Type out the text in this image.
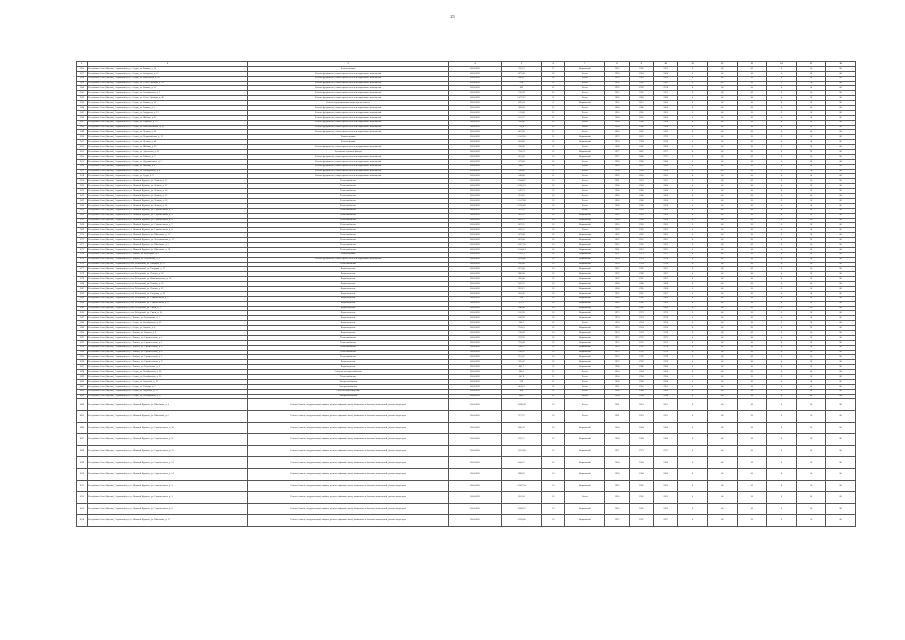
25
1	2	3	4	5	6	7	8	9	10	11	12	13	14	15	16
1536	Республика Саха (Якутия), Алданский р-н, г. Алдан, ул. Быкова, д. 14	Ремонт крыши	2024-2025	702,19	17	Кирпичный	1965	1965	1965	0	40	30	0	10	80
1537	Республика Саха (Якутия), Алданский р-н, г. Алдан, ул. Заводская, д. 15	Ремонт фундамента, инженерных систем и подвальных помещений	2024-2025	877,40	16	Бетон	1964	1964	1964	0	40	30	0	10	80
1538	Республика Саха (Якутия), Алданский р-н, г. Алдан, ул. Комсомола, д. 16	Ремонт фундамента, инженерных систем и подвальных помещений	2024-2025	586,07	14	Бетон	1965	1965	1965	0	40	30	0	10	80
1539	Республика Саха (Якутия), Алданский р-н, г. Алдан, ул. 10 лет Октября, д. 18	Ремонт фундамента, инженерных систем и подвальных помещений	2024-2025	554	12	Бетон	1962	1962	1962	0	40	30	0	10	80
1540	Республика Саха (Якутия), Алданский р-н, г. Алдан, ул. Быкова, д. 23	Ремонт фундамента, инженерных систем и подвальных помещений	2024-2025	462	12	Бетон	1970	1970	1970	0	40	30	0	10	80
1541	Республика Саха (Якутия), Алданский р-н, г. Алдан, ул. Октябрьская, д. 3	Ремонт фундамента, инженерных систем и подвальных помещений	2024-2025	736,20	13	Бетон	1955	1955	1955	0	40	30	0	10	80
1542	Республика Саха (Якутия), Алданский р-н, г. Алдан, ул. 10 лет Октября, д. 40	Ремонт фундамента, инженерных систем и подвальных помещений	2024-2025	1.472,25	12	Бетон	1966	1966	1966	0	40	30	0	10	80
1543	Республика Саха (Якутия), Алданский р-н, г. Алдан, ул. Быкова, д. 34	Ремонт внутридомовых инженерных систем	2024-2025	829,54	8	Кирпичный	1965	2011	1965	0	40	30	0	10	80
1544	Республика Саха (Якутия), Алданский р-н, г. Алдан, ул. Быкова, д. 2	Ремонт фундамента, инженерных систем и подвальных помещений	2024-2025	368,60	12	Бетон	1960	1960	1960	0	40	30	0	10	80
1545	Республика Саха (Якутия), Алданский р-н, г. Алдан, ул. Заводская, д. 13	Ремонт фундамента, инженерных систем и подвальных помещений	2024-2025	511,00	12	Бетон	1965	1965	1965	0	40	30	0	10	80
1546	Республика Саха (Якутия), Алданский р-н, г. Алдан, ул. Жабова, д. 21	Ремонт фундамента, инженерных систем и подвальных помещений	2024-2025	557,57	12	Бетон	1960	2010	1960	0	40	30	0	10	80
1547	Республика Саха (Якутия), Алданский р-н, г. Алдан, ул. Горького, д. 21	Ремонт фундамента, инженерных систем и подвальных помещений	2024-2025	268,00	12	Бетон	1960	1960	1960	0	40	30	0	10	80
1548	Республика Саха (Якутия), Алданский р-н, г. Алдан, ул. Комсомольская, д. 16	Ремонт фундамента, инженерных систем и подвальных помещений	2024-2025	720,4	16	Бетон	1964	1964	1964	0	40	30	0	10	80
1549	Республика Саха (Якутия), Алданский р-н, г. Алдан, ул. Ленина, д. 26	Ремонт фундамента, инженерных систем и подвальных помещений	2024-2025	407,90	12	Бетон	1962	1962	1962	0	40	30	0	10	80
1550	Республика Саха (Якутия), Алданский р-н, г. Алдан, ул. Первомайская, д. 12	Ремонт крыши	2024-2025	1.343,30	12	Кирпичный	1973	2013	1973	0	40	30	0	10	80
1551	Республика Саха (Якутия), Алданский р-н, г. Алдан, ул. Ленина, д. 40	Ремонт крыши	2024-2025	664,00	16	Кирпичный	1954	1994	1954	0	40	30	0	10	80
1552	Республика Саха (Якутия), Алданский р-н, г. Алдан, ул. Жабова, д. 22	Ремонт фундамента, инженерных систем и подвальных помещений	2024-2025	720,00	12	Бетон	1966	1966	1966	0	40	30	0	10	80
1553	Республика Саха (Якутия), Алданский р-н, г. Алдан, ул. Артельная, д. 21	Утепление и ремонт фасада	2024-2025	794,79	16	Кирпичный	1977	2007	1977	0	40	30	0	10	80
1554	Республика Саха (Якутия), Алданский р-н, г. Алдан, ул. Бабаева, д. 9	Ремонт фундамента, инженерных систем и подвальных помещений	2024-2025	452,00	16	Кирпичный	1977	2008	1977	0	40	30	0	10	80
1555	Республика Саха (Якутия), Алданский р-н, г. Алдан, ул. Дзержинского, д. 2	Ремонт фундамента, инженерных систем и подвальных помещений	2024-2025	572,00	12	Бетон	1960	1960	1960	0	40	30	0	10	80
1556	Республика Саха (Якутия), Алданский р-н, г. Алдан, ул. Жабова, д. 9	Ремонт фундамента, инженерных систем и подвальных помещений	2024-2025	948,1	16	Бетон	1983	2011	1983	0	40	30	0	10	80
1557	Республика Саха (Якутия), Алданский р-н, г. Алдан, ул. Октябрьская, д. 8	Ремонт фундамента, инженерных систем и подвальных помещений	2024-2025	298,00	8	Бетон	1954	1954	1954	0	40	30	0	10	80
1558	Республика Саха (Якутия), Алданский р-н, г. Алдан, ул. Труда, д. 9	Ремонт фундамента, инженерных систем и подвальных помещений	2024-2025	548,80	12	Бетон	1962	2010	1962	0	40	30	0	10	80
1559	Республика Саха (Якутия), Алданский р-н, п. Нижний Куранах, ул. Ленина, д. 12	Теплоснабжение	2024-2025	1.944,82	16	Бетон	1961	1961	1961	0	40	30	0	10	80
1560	Республика Саха (Якутия), Алданский р-н, п. Нижний Куранах, ул. Ленина, д. 17	Теплоснабжение	2024-2025	1.005,53	16	Бетон	1964	1964	1964	0	40	30	0	10	80
1561	Республика Саха (Якутия), Алданский р-н, п. Нижний Куранах, ул. Ленина, д. 18	Теплоснабжение	2024-2025	547,75	16	Бетон	1960	1960	1960	0	40	30	0	10	80
1562	Республика Саха (Якутия), Алданский р-н, п. Нижний Куранах, ул. Ленина, д. 15	Теплоснабжение	2024-2025	781,02	16	Бетон	1966	1966	1966	0	40	30	0	10	80
1563	Республика Саха (Якутия), Алданский р-н, п. Нижний Куранах, ул. Ленина, д. 16	Теплоснабжение	2024-2025	1.147,80	16	Бетон	1966	1966	1966	0	40	30	0	10	80
1564	Республика Саха (Якутия), Алданский р-н, п. Нижний Куранах, ул. Ленина, д. 14	Теплоснабжение	2024-2025	1.396,09	16	Бетон	1958	1958	1958	0	40	30	0	10	80
1565	Республика Саха (Якутия), Алданский р-н, п. Нижний Куранах, ул. Строительная, д. 2	Теплоснабжение	2024-2025	972,53	16	Бетон	1963	1963	1963	0	40	30	0	10	80
1566	Республика Саха (Якутия), Алданский р-н, п. Нижний Куранах, ул. Строительная, д. 3	Теплоснабжение	2024-2025	683,52	16	Кирпичный	1963	1963	1963	0	40	30	0	10	80
1567	Республика Саха (Якутия), Алданский р-н, п. Нижний Куранах, ул. Строительная, д. 4	Теплоснабжение	2024-2025	866,15	16	Кирпичный	1964	1964	1964	0	40	30	0	10	80
1568	Республика Саха (Якутия), Алданский р-н, п. Нижний Куранах, ул. Строительная, д. 7	Теплоснабжение	2024-2025	687,25	16	Кирпичный	1965	1965	1965	0	40	30	0	10	80
1569	Республика Саха (Якутия), Алданский р-н, п. Нижний Куранах, ул. Строительная, д. 8	Теплоснабжение	2024-2025	670,53	16	Бетон	1965	1965	1965	0	40	30	0	10	80
1570	Республика Саха (Якутия), Алданский р-н, п. Нижний Куранах, ул. Школьная, д. 17	Теплоснабжение	2024-2025	622,00	16	Кирпичный	1962	1962	1962	0	40	30	0	10	80
1571	Республика Саха (Якутия), Алданский р-н, п. Нижний Куранах, ул. Фестивальная, д. 17	Теплоснабжение	2024-2025	823,00	16	Кирпичный	1967	1967	1967	0	40	30	0	10	80
1572	Республика Саха (Якутия), Алданский р-н, п. Нижний Куранах, ул. Школьная, д. 5	Теплоснабжение	2024-2025	1.027,50	16	Кирпичный	1965	1965	1965	0	40	30	0	10	80
1573	Республика Саха (Якутия), Алданский р-н, п. Нижний Куранах, ул. Школьная, д. 19	Теплоснабжение	2024-2025	1.104,14	16	Кирпичный	1961	1961	1961	0	40	30	0	10	80
1574	Республика Саха (Якутия), Алданский р-н, г. Томмот, ул. Кузнецова, д. 5	Ремонт крыши	2024-2025	1.257,3	16	Кирпичный	1971	1971	1971	0	40	30	0	10	80
1575	Республика Саха (Якутия), Алданский р-н, г. Томмот, ул. Укуланская, д. 3	Ремонт фундамента, инженерных систем и подвальных помещений	2024-2025	1.038,40	16	Кирпичный	1978	1978	1978	0	40	30	0	10	80
1576	Республика Саха (Якутия), Алданский р-н, пгт. Ленинский, ул. Гагарина, д. 11	Теплоснабжение	2024-2025	326,00	16	Кирпичный	1974	1974	1974	0	40	30	0	10	80
1577	Республика Саха (Якутия), Алданский р-н, пгт. Лебединый, ул. Гагарина, д. 17	Водоотведение	2024-2025	875,00	16	Кирпичный	1967	1967	1967	0	40	30	0	10	80
1578	Республика Саха (Якутия), Алданский р-н, пгт. Лебединый, ул. Ленина, д. 20	Водоотведение	2024-2025	980,00	16	Кирпичный	1967	1990	1967	0	40	30	0	10	80
1579	Республика Саха (Якутия), Алданский р-н, пгт. Лебединый, ул. Комсомольская, д. 14	Водоотведение	2024-2025	932,00	16	Кирпичный	1967	1967	1967	0	40	30	0	10	80
1580	Республика Саха (Якутия), Алданский р-н, пгт. Лебединый, ул. Ленина, д. 16	Водоотведение	2024-2025	947,25	16	Кирпичный	1968	1968	1968	0	40	30	0	10	80
1581	Республика Саха (Якутия), Алданский р-н, пгт. Лебединый, ул. Ленина, д. 22	Водоотведение	2024-2025	952,13	16	Кирпичный	1968	1995	1968	0	40	30	0	10	80
1582	Республика Саха (Якутия), Алданский р-н, пгт. Лебединый, ул. Гагарина, д. 10	Водоотведение	2024-2025	918,48	16	Кирпичный	1967	1967	1967	0	40	30	0	10	80
1583	Республика Саха (Якутия), Алданский р-н, пгт. Лебединый, ул. Строительная, д. 7	Водоотведение	2024-2025	536	16	Кирпичный	1966	1966	1966	0	40	30	0	10	80
1584	Республика Саха (Якутия), Алданский р-н, пгт. Лебединый, ул. Строительная, д. 8	Водоотведение	2024-2025	571,2	16	Кирпичный	1965	1965	1965	0	40	30	0	10	80
1585	Республика Саха (Якутия), Алданский р-н, пгт. Лебединый, ул. Связи, д. 1	Водоотведение	2024-2025	540,00	16	Кирпичный	1966	1966	1966	0	40	30	0	10	80
1586	Республика Саха (Якутия), Алданский р-н, пгт. Лебединый, ул. Связи, д. 10	Водоотведение	2024-2025	535,96	16	Кирпичный	1973	1973	1973	0	40	30	0	10	80
1587	Республика Саха (Якутия), Алданский р-н, г. Томмот, ул. Укуланская, д. 1	Водоотведение	2024-2025	638,99	16	Кирпичный	1974	1974	1974	0	40	30	0	10	80
1588	Республика Саха (Якутия), Алданский р-н, г. Алдан, ул. Октябрьская, д. 22	Водоотведение	2024-2025	348,1	12	Бетон	1954	1954	1954	0	40	30	0	10	80
1589	Республика Саха (Якутия), Алданский р-н, г. Алдан, ул. Зверева, д. 4	Водоотведение	2024-2025	724,01	16	Кирпичный	1974	1974	1974	0	40	30	0	10	80
1590	Республика Саха (Якутия), Алданский р-н, г. Томмот, ул. Зверева, д. 8	Водоотведение	2024-2025	738,60	16	Кирпичный	1974	1974	1974	0	40	30	0	10	80
1591	Республика Саха (Якутия), Алданский р-н, г. Томмот, ул. Строительная, д. 1	Теплоснабжение	2024-2025	763,95	16	Кирпичный	1975	1975	1975	0	40	30	0	10	80
1592	Республика Саха (Якутия), Алданский р-н, г. Томмот, ул. Строительная, д. 2	Теплоснабжение	2024-2025	763,40	16	Кирпичный	1975	1975	1975	0	40	30	0	10	80
1593	Республика Саха (Якутия), Алданский р-н, г. Томмот, ул. Строительная, д. 5	Теплоснабжение	2024-2025	780,15	16	Кирпичный	1976	1976	1976	0	40	30	0	10	80
1594	Республика Саха (Якутия), Алданский р-н, г. Томмот, ул. Строительная, д. 6	Теплоснабжение	2024-2025	786,47	16	Кирпичный	1976	1976	1976	0	40	30	0	10	80
1595	Республика Саха (Якутия), Алданский р-н, г. Томмот, ул. Строительная, д. 7	Теплоснабжение	2024-2025	781,47	16	Кирпичный	1976	1976	1976	0	40	30	0	10	80
1596	Республика Саха (Якутия), Алданский р-н, г. Томмот, ул. Строительная, д. 9	Водоотведение	2024-2025	785,47	16	Кирпичный	1976	1976	1976	0	40	30	0	10	80
1597	Республика Саха (Якутия), Алданский р-н, г. Томмот, ул. Укуланская, д. 4	Водоотведение	2024-2025	801,7	16	Кирпичный	1980	1980	1980	0	40	30	0	10	80
1598	Республика Саха (Якутия), Алданский р-н, г. Алдан, ул. Октябрьская, д. 24	Система электроснабжения	2024-2025	340,5	12	Бетон	1954	1954	1954	0	40	30	0	10	80
1599	Республика Саха (Якутия), Алданский р-н, г. Алдан, ул. Октябрьская, д. 26	Теплоснабжение	2024-2025	347,8	12	Бетон	1954	1954	1954	0	40	30	0	10	80
1600	Республика Саха (Якутия), Алданский р-н, г. Алдан, ул. Зверевой, д. 19	Электроснабжение	2024-2025	318	12	Бетон	1960	1960	1960	0	40	30	0	10	80
1601	Республика Саха (Якутия), Алданский р-н, г. Алдан, ул. Гайдара, д. 2	Электроснабжение	2024-2025	464,61	16	Бетон	1961	1961	1961	0	40	30	0	10	80
1602	Республика Саха (Якутия), Алданский р-н, г. Алдан, ул. Зверевой, д. 21	Система водоотведения	2024-2025	414	12	Бетон	1960	1960	1960	0	40	30	0	10	80
1603	Республика Саха (Якутия), Алданский р-н, г. Алдан, ул. Октябрьская, д. 27	Электроснабжение	2024-2025	348,5	12	Бетон	1954	1954	1954	0	40	30	0	10	80
1604	Республика Саха (Якутия), Алданский р-н, п. Нижний Куранах, ул. Школьная, д. 4	Ремонт (замена, модернизация) лифтов, ремонт лифтовых шахт, машинных и блочных помещений, ремонт подъездов	2024-2025	1.090,68	16	Бетон	1961	1961	1961	0	40	30	0	10	80
1605	Республика Саха (Якутия), Алданский р-н, п. Нижний Куранах, ул. Школьная, д. 6	Ремонт (замена, модернизация) лифтов, ремонт лифтовых шахт, машинных и блочных помещений, ремонт подъездов	2024-2025	971,72	16	Бетон	1961	1961	1961	0	40	30	0	10	80
1606	Республика Саха (Якутия), Алданский р-н, п. Нижний Куранах, ул. Строительная, д. 10	Ремонт (замена, модернизация) лифтов, ремонт лифтовых шахт, машинных и блочных помещений, ремонт подъездов	2024-2025	686,36	16	Кирпичный	1964	1964	1964	0	40	30	0	10	80
1607	Республика Саха (Якутия), Алданский р-н, п. Нижний Куранах, ул. Строительная, д. 11	Ремонт (замена, модернизация) лифтов, ремонт лифтовых шахт, машинных и блочных помещений, ремонт подъездов	2024-2025	632,71	16	Кирпичный	1964	1964	1964	0	40	30	0	10	80
1608	Республика Саха (Якутия), Алданский р-н, п. Нижний Куранах, ул. Строительная, д. 12	Ремонт (замена, модернизация) лифтов, ремонт лифтовых шахт, машинных и блочных помещений, ремонт подъездов	2024-2025	1.110,00	16	Кирпичный	1971	1971	1971	0	40	30	0	10	80
1609	Республика Саха (Якутия), Алданский р-н, п. Нижний Куранах, ул. Строительная, д. 13	Ремонт (замена, модернизация) лифтов, ремонт лифтовых шахт, машинных и блочных помещений, ремонт подъездов	2024-2025	844,72	16	Кирпичный	1964	1964	1964	0	40	30	0	10	80
1610	Республика Саха (Якутия), Алданский р-н, п. Нижний Куранах, ул. Строительная, д. 14	Ремонт (замена, модернизация) лифтов, ремонт лифтовых шахт, машинных и блочных помещений, ремонт подъездов	2024-2025	898,81	16	Кирпичный	1964	1964	1964	0	40	30	0	10	80
1611	Республика Саха (Якутия), Алданский р-н, п. Нижний Куранах, ул. Строительная, д. 9	Ремонт (замена, модернизация) лифтов, ремонт лифтовых шахт, машинных и блочных помещений, ремонт подъездов	2024-2025	1.087,34	16	Кирпичный	1965	1965	1965	0	40	30	0	10	80
1612	Республика Саха (Якутия), Алданский р-н, п. Нижний Куранах, ул. Строительная, д. 5	Ремонт (замена, модернизация) лифтов, ремонт лифтовых шахт, машинных и блочных помещений, ремонт подъездов	2024-2025	818,30	16	Бетон	1965	1965	1965	0	40	30	0	10	80
1613	Республика Саха (Якутия), Алданский р-н, п. Нижний Куранах, ул. Строительная, д. 6	Ремонт (замена, модернизация) лифтов, ремонт лифтовых шахт, машинных и блочных помещений, ремонт подъездов	2024-2025	1.009,22	16	Кирпичный	1962	1962	1962	0	40	30	0	10	80
1614	Республика Саха (Якутия), Алданский р-н, п. Нижний Куранах, ул. Школьная, д. 17	Ремонт (замена, модернизация) лифтов, ремонт лифтовых шахт, машинных и блочных помещений, ремонт подъездов	2024-2025	1.050,00	16	Кирпичный	1967	1967	1967	0	40	30	0	10	80
